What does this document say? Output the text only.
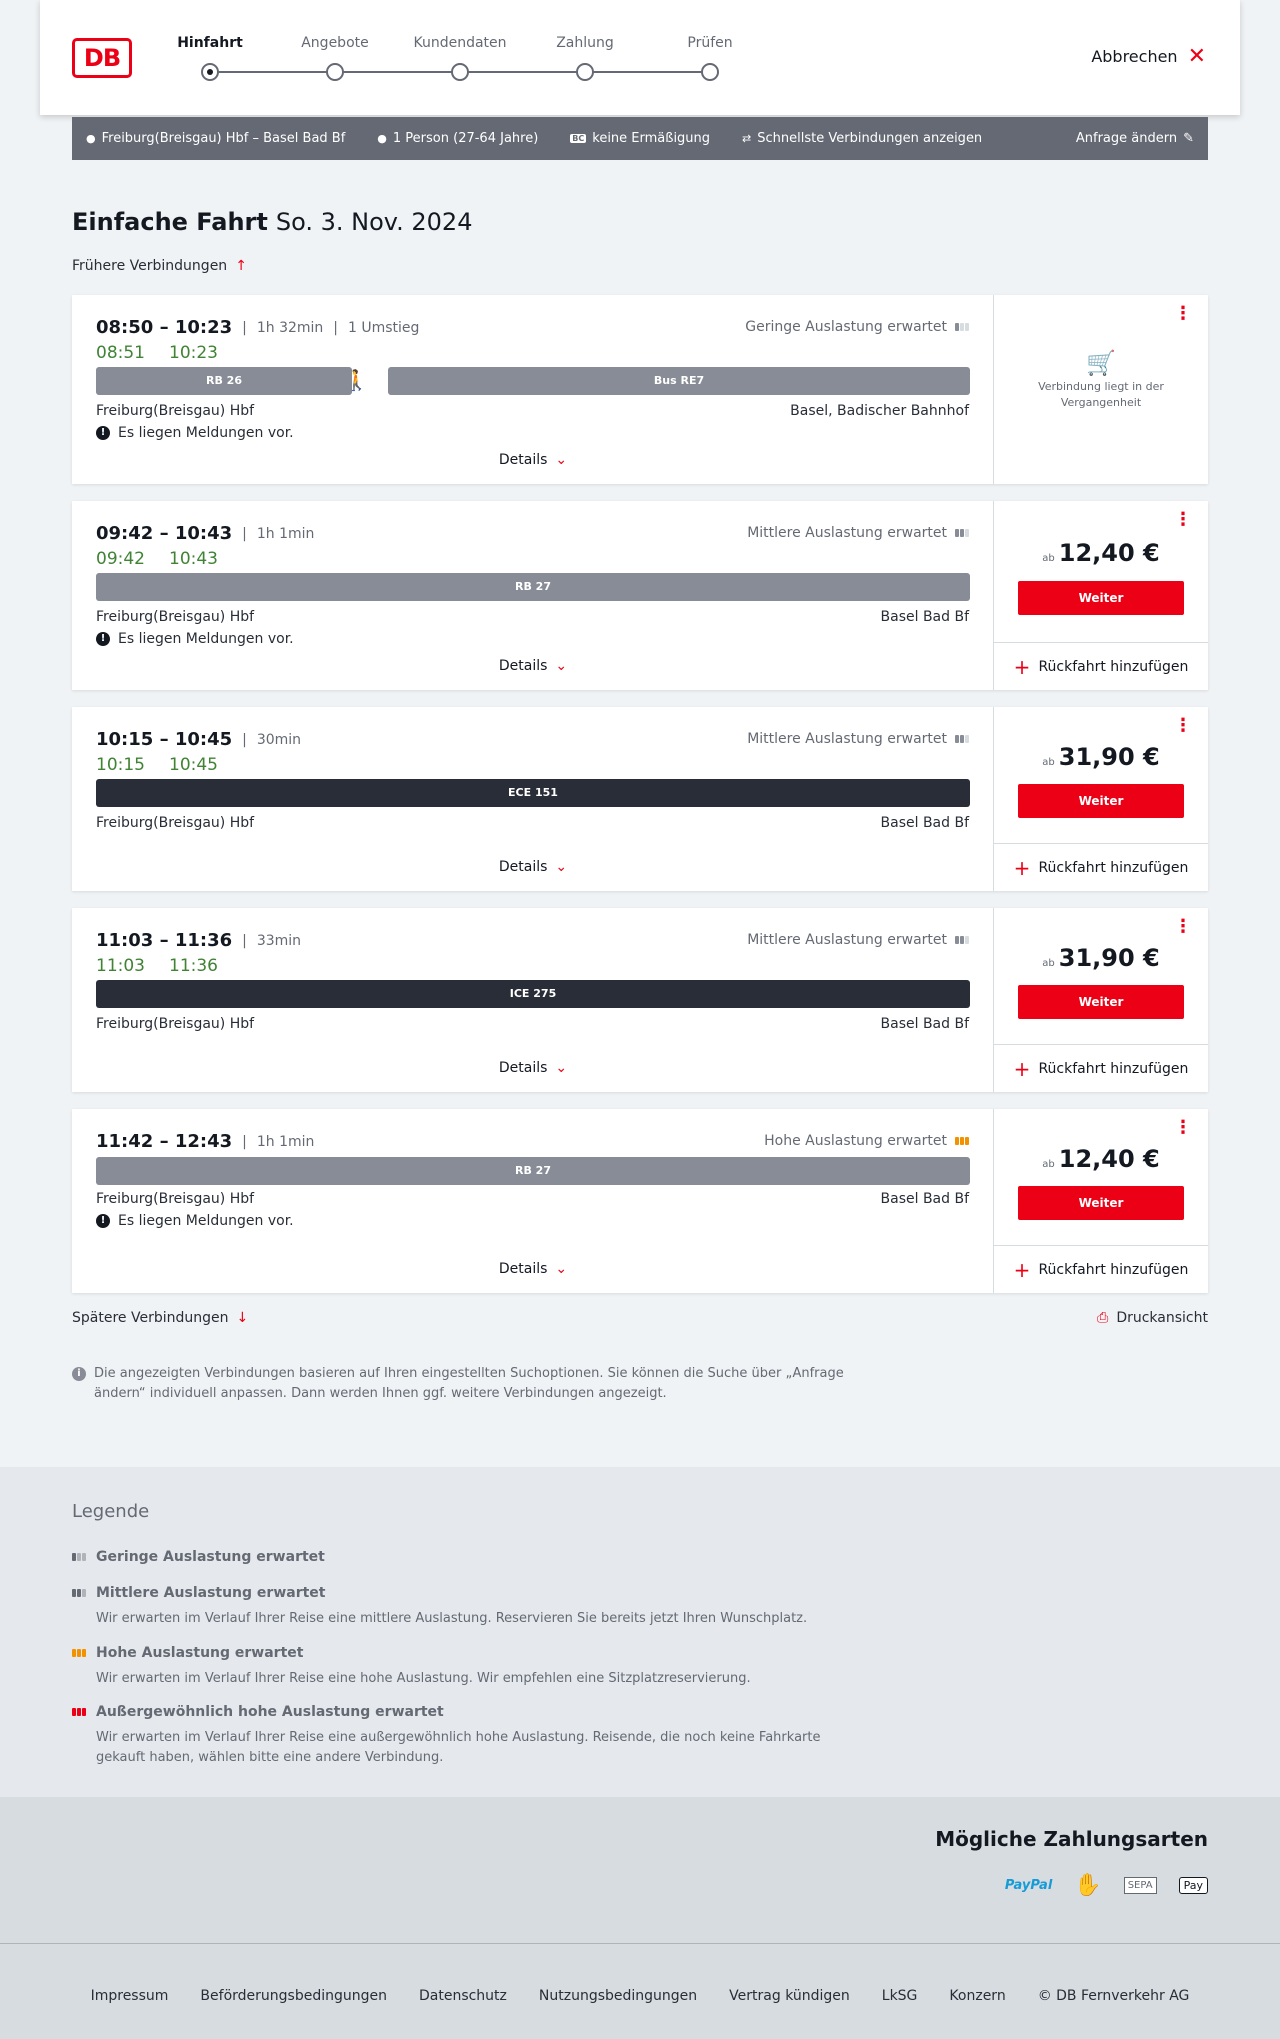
DB
Hinfahrt	Angebote	Kundendaten	Zahlung	Prüfen
Abbrechen ✕
● Freiburg(Breisgau) Hbf – Basel Bad Bf	● 1 Person (27-64 Jahre)	BC keine Ermäßigung	⇄ Schnellste Verbindungen anzeigen	Anfrage ändern ✎
Einfache Fahrt So. 3. Nov. 2024
Frühere Verbindungen ↑
08:50 – 10:23 | 1h 32min | 1 Umstieg
08:51 10:23
Geringe Auslastung erwartet
RB 26	🚶	Bus RE7
Freiburg(Breisgau) Hbf	Basel, Badischer Bahnhof
! Es liegen Meldungen vor.
Details ⌄
⋮
🛒
Verbindung liegt in der Vergangenheit
09:42 – 10:43 | 1h 1min
09:42 10:43
Mittlere Auslastung erwartet
RB 27
Freiburg(Breisgau) Hbf	Basel Bad Bf
! Es liegen Meldungen vor.
Details ⌄
⋮
ab 12,40 €
Weiter
+ Rückfahrt hinzufügen
10:15 – 10:45 | 30min
10:15 10:45
Mittlere Auslastung erwartet
ECE 151
Freiburg(Breisgau) Hbf	Basel Bad Bf
Details ⌄
⋮
ab 31,90 €
Weiter
+ Rückfahrt hinzufügen
11:03 – 11:36 | 33min
11:03 11:36
Mittlere Auslastung erwartet
ICE 275
Freiburg(Breisgau) Hbf	Basel Bad Bf
Details ⌄
⋮
ab 31,90 €
Weiter
+ Rückfahrt hinzufügen
11:42 – 12:43 | 1h 1min	Hohe Auslastung erwartet
RB 27
Freiburg(Breisgau) Hbf	Basel Bad Bf
! Es liegen Meldungen vor.
Details ⌄
⋮
ab 12,40 €
Weiter
+ Rückfahrt hinzufügen
Spätere Verbindungen ↓	⎙ Druckansicht
i	Die angezeigten Verbindungen basieren auf Ihren eingestellten Suchoptionen. Sie können die Suche über „Anfrage ändern“ individuell anpassen. Dann werden Ihnen ggf. weitere Verbindungen angezeigt.
Legende
Geringe Auslastung erwartet
Mittlere Auslastung erwartet
Wir erwarten im Verlauf Ihrer Reise eine mittlere Auslastung. Reservieren Sie bereits jetzt Ihren Wunschplatz.
Hohe Auslastung erwartet
Wir erwarten im Verlauf Ihrer Reise eine hohe Auslastung. Wir empfehlen eine Sitzplatzreservierung.
Außergewöhnlich hohe Auslastung erwartet
Wir erwarten im Verlauf Ihrer Reise eine außergewöhnlich hohe Auslastung. Reisende, die noch keine Fahrkarte gekauft haben, wählen bitte eine andere Verbindung.
Mögliche Zahlungsarten
PayPal ✋	SEPA	Pay
Impressum Beförderungsbedingungen Datenschutz Nutzungsbedingungen Vertrag kündigen LkSG Konzern © DB Fernverkehr AG
